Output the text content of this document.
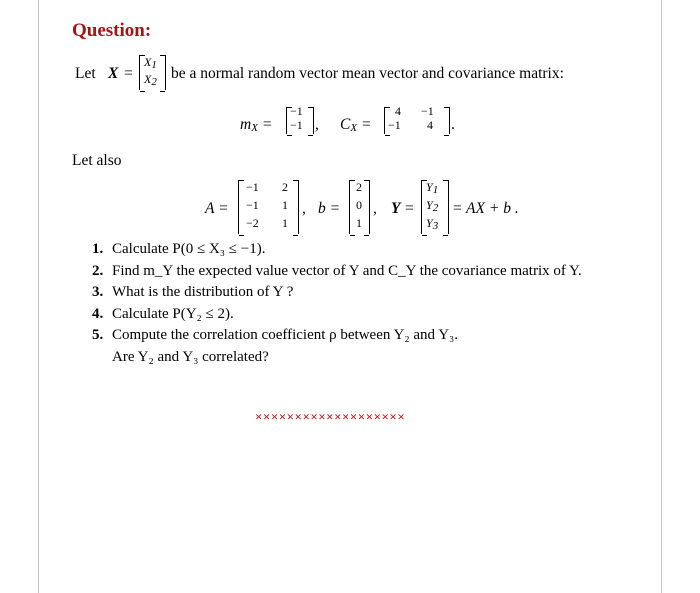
Question:
Let X =
X1
X2 be a normal random vector mean vector and covariance matrix:
mX =
−1
−1 , CX =
4 −1
−1 4 .
Let also
A =
−1 2
−1 1
−2 1
, b =
2
0
1
, Y =
Y1
Y2
Y3
= AX + b .
1. Calculate P(0 ≤ X₃ ≤ −1).
2. Find m_Y the expected value vector of Y and C_Y the covariance matrix of Y.
3. What is the distribution of Y ?
4. Calculate P(Y₂ ≤ 2).
5. Compute the correlation coefficient ρ between Y₂ and Y₃.
Are Y₂ and Y₃ correlated?
×××××××××××××××××××
